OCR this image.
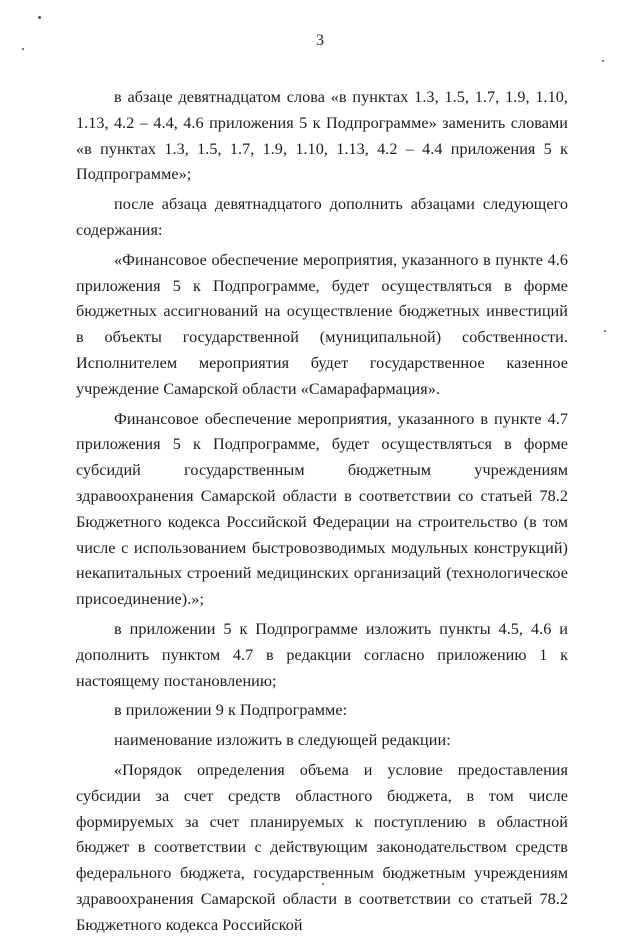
3

в абзаце девятнадцатом слова «в пунктах 1.3, 1.5, 1.7, 1.9, 1.10, 1.13, 4.2 – 4.4, 4.6 приложения 5 к Подпрограмме» заменить словами «в пунктах 1.3, 1.5, 1.7, 1.9, 1.10, 1.13, 4.2 – 4.4 приложения 5 к Подпрограмме»;

после абзаца девятнадцатого дополнить абзацами следующего содержания:

«Финансовое обеспечение мероприятия, указанного в пункте 4.6 приложения 5 к Подпрограмме, будет осуществляться в форме бюджетных ассигнований на осуществление бюджетных инвестиций в объекты государственной (муниципальной) собственности. Исполнителем мероприятия будет государственное казенное учреждение Самарской области «Самарафармация».

Финансовое обеспечение мероприятия, указанного в пункте 4.7 приложения 5 к Подпрограмме, будет осуществляться в форме субсидий государственным бюджетным учреждениям здравоохранения Самарской области в соответствии со статьей 78.2 Бюджетного кодекса Российской Федерации на строительство (в том числе с использованием быстровозводимых модульных конструкций) некапитальных строений медицинских организаций (технологическое присоединение).»;

в приложении 5 к Подпрограмме изложить пункты 4.5, 4.6 и дополнить пунктом 4.7 в редакции согласно приложению 1 к настоящему постановлению;

в приложении 9 к Подпрограмме:

наименование изложить в следующей редакции:

«Порядок определения объема и условие предоставления субсидии за счет средств областного бюджета, в том числе формируемых за счет планируемых к поступлению в областной бюджет в соответствии с действующим законодательством средств федерального бюджета, государственным бюджетным учреждениям здравоохранения Самарской области в соответствии со статьей 78.2 Бюджетного кодекса Российской
